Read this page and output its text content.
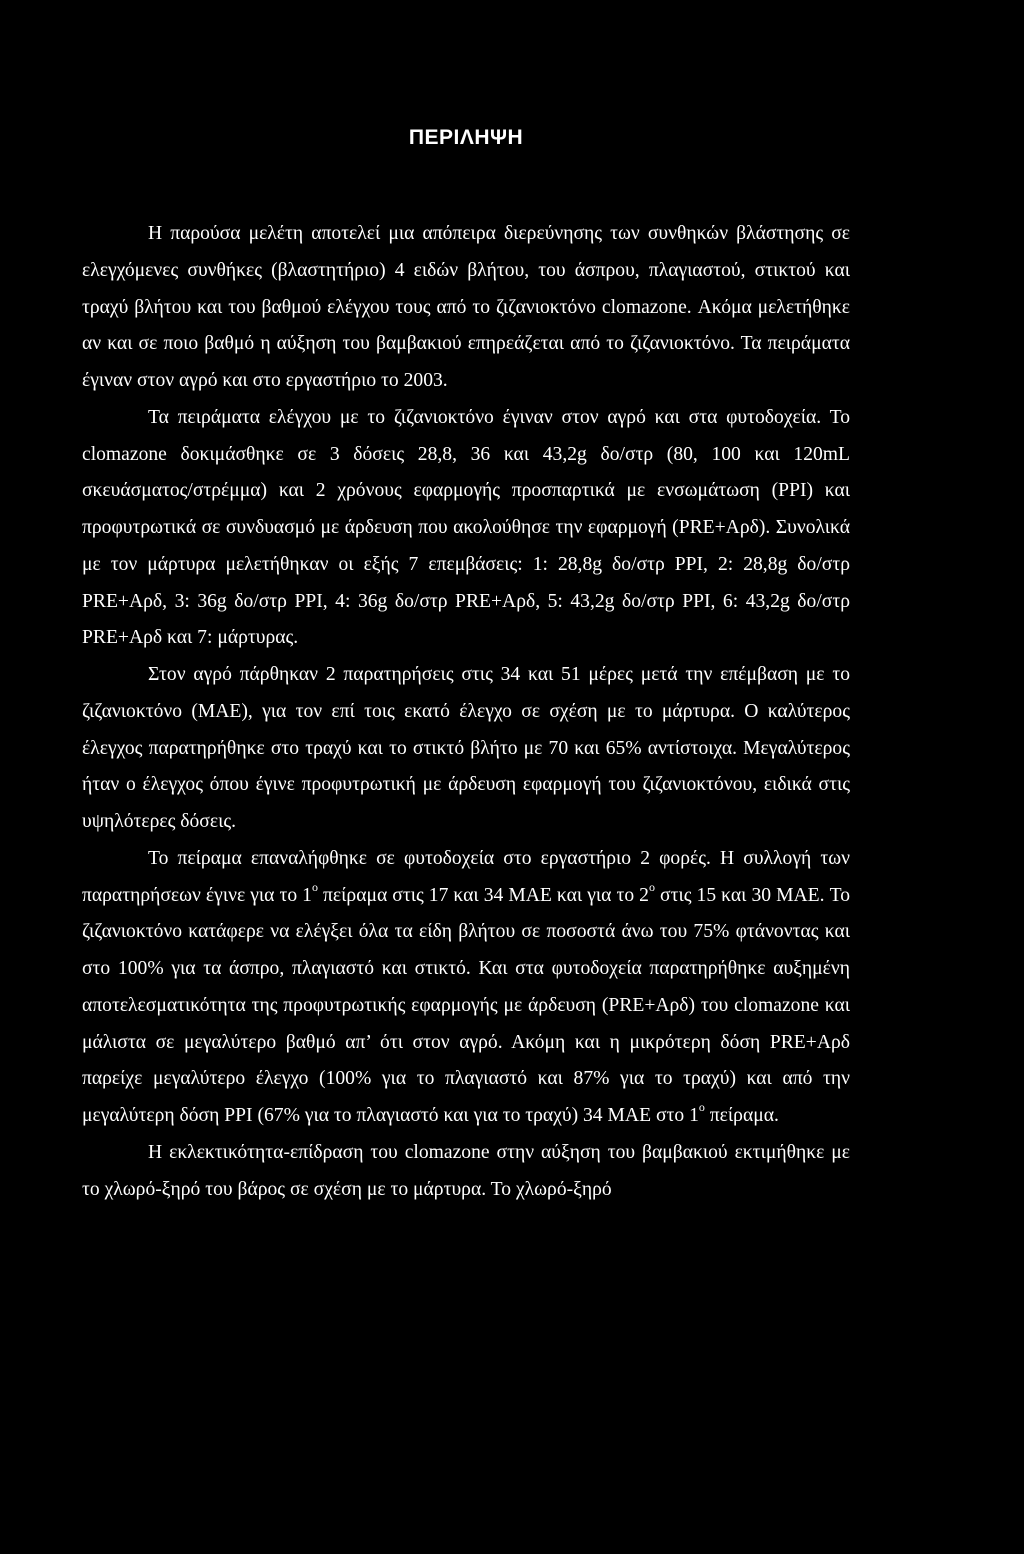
ΠΕΡΙΛΗΨΗ

Η παρούσα μελέτη αποτελεί μια απόπειρα διερεύνησης των συνθηκών βλάστησης σε ελεγχόμενες συνθήκες (βλαστητήριο) 4 ειδών βλήτου, του άσπρου, πλαγιαστού, στικτού και τραχύ βλήτου και του βαθμού ελέγχου τους από το ζιζανιοκτόνο clomazone. Ακόμα μελετήθηκε αν και σε ποιο βαθμό η αύξηση του βαμβακιού επηρεάζεται από το ζιζανιοκτόνο. Τα πειράματα έγιναν στον αγρό και στο εργαστήριο το 2003.

Τα πειράματα ελέγχου με το ζιζανιοκτόνο έγιναν στον αγρό και στα φυτοδοχεία. Το clomazone δοκιμάσθηκε σε 3 δόσεις 28,8, 36 και 43,2g δο/στρ (80, 100 και 120mL σκευάσματος/στρέμμα) και 2 χρόνους εφαρμογής προσπαρτικά με ενσωμάτωση (PPI) και προφυτρωτικά σε συνδυασμό με άρδευση που ακολούθησε την εφαρμογή (PRE+Αρδ). Συνολικά με τον μάρτυρα μελετήθηκαν οι εξής 7 επεμβάσεις: 1: 28,8g δο/στρ PPI, 2: 28,8g δο/στρ PRE+Αρδ, 3: 36g δο/στρ PPI, 4: 36g δο/στρ PRE+Αρδ, 5: 43,2g δο/στρ PPI, 6: 43,2g δο/στρ PRE+Αρδ και 7: μάρτυρας.

Στον αγρό πάρθηκαν 2 παρατηρήσεις στις 34 και 51 μέρες μετά την επέμβαση με το ζιζανιοκτόνο (MAE), για τον επί τοις εκατό έλεγχο σε σχέση με το μάρτυρα. Ο καλύτερος έλεγχος παρατηρήθηκε στο τραχύ και το στικτό βλήτο με 70 και 65% αντίστοιχα. Μεγαλύτερος ήταν ο έλεγχος όπου έγινε προφυτρωτική με άρδευση εφαρμογή του ζιζανιοκτόνου, ειδικά στις υψηλότερες δόσεις.

Το πείραμα επαναλήφθηκε σε φυτοδοχεία στο εργαστήριο 2 φορές. Η συλλογή των παρατηρήσεων έγινε για το $1^o$ πείραμα στις 17 και 34 MAE και για το $2^o$ στις 15 και 30 MAE. Το ζιζανιοκτόνο κατάφερε να ελέγξει όλα τα είδη βλήτου σε ποσοστά άνω του 75% φτάνοντας και στο 100% για τα άσπρο, πλαγιαστό και στικτό. Και στα φυτοδοχεία παρατηρήθηκε αυξημένη αποτελεσματικότητα της προφυτρωτικής εφαρμογής με άρδευση (PRE+Αρδ) του clomazone και μάλιστα σε μεγαλύτερο βαθμό απ’ ότι στον αγρό. Ακόμη και η μικρότερη δόση PRE+Αρδ παρείχε μεγαλύτερο έλεγχο (100% για το πλαγιαστό και 87% για το τραχύ) και από την μεγαλύτερη δόση PPI (67% για το πλαγιαστό και για το τραχύ) 34 MAE στο $1^o$ πείραμα.

Η εκλεκτικότητα-επίδραση του clomazone στην αύξηση του βαμβακιού εκτιμήθηκε με το χλωρό-ξηρό του βάρος σε σχέση με το μάρτυρα. Το χλωρό-ξηρό
